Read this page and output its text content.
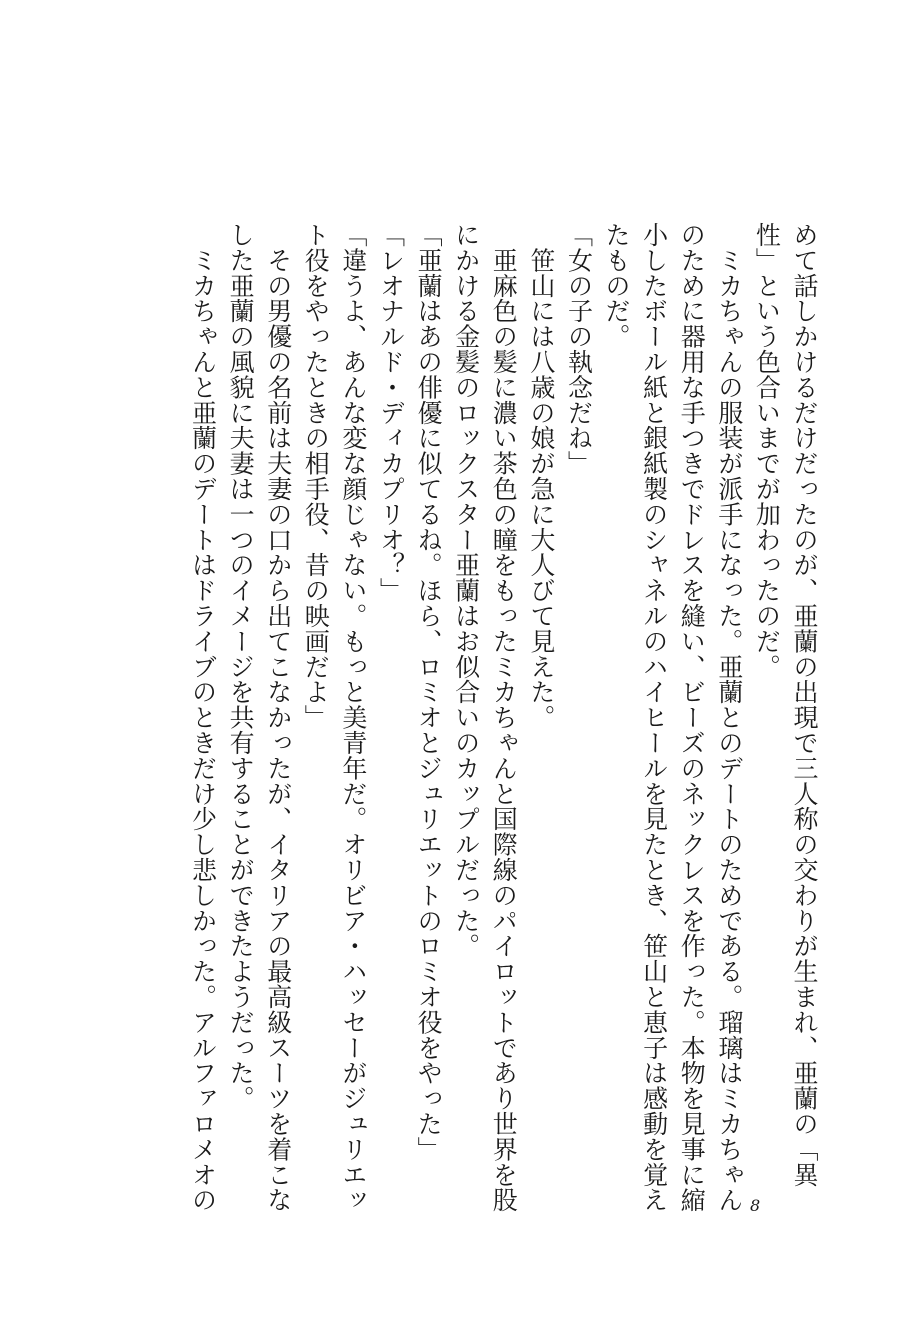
めて話しかけるだけだったのが、亜蘭の出現で三人称の交わりが生まれ、亜蘭の「異
性」という色合いまでが加わったのだ。
　ミカちゃんの服装が派手になった。亜蘭とのデートのためである。瑠璃はミカちゃん
のために器用な手つきでドレスを縫い、ビーズのネックレスを作った。本物を見事に縮
小したボール紙と銀紙製のシャネルのハイヒールを見たとき、笹山と恵子は感動を覚え
たものだ。
「女の子の執念だね」
　笹山には八歳の娘が急に大人びて見えた。
　亜麻色の髪に濃い茶色の瞳をもったミカちゃんと国際線のパイロットであり世界を股
にかける金髪のロックスター亜蘭はお似合いのカップルだった。
「亜蘭はあの俳優に似てるね。ほら、ロミオとジュリエットのロミオ役をやった」
「レオナルド・ディカプリオ？」
「違うよ、あんな変な顔じゃない。もっと美青年だ。オリビア・ハッセーがジュリエッ
ト役をやったときの相手役、昔の映画だよ」
　その男優の名前は夫妻の口から出てこなかったが、イタリアの最高級スーツを着こな
した亜蘭の風貌に夫妻は一つのイメージを共有することができたようだった。
　ミカちゃんと亜蘭のデートはドライブのときだけ少し悲しかった。アルファロメオの	8
